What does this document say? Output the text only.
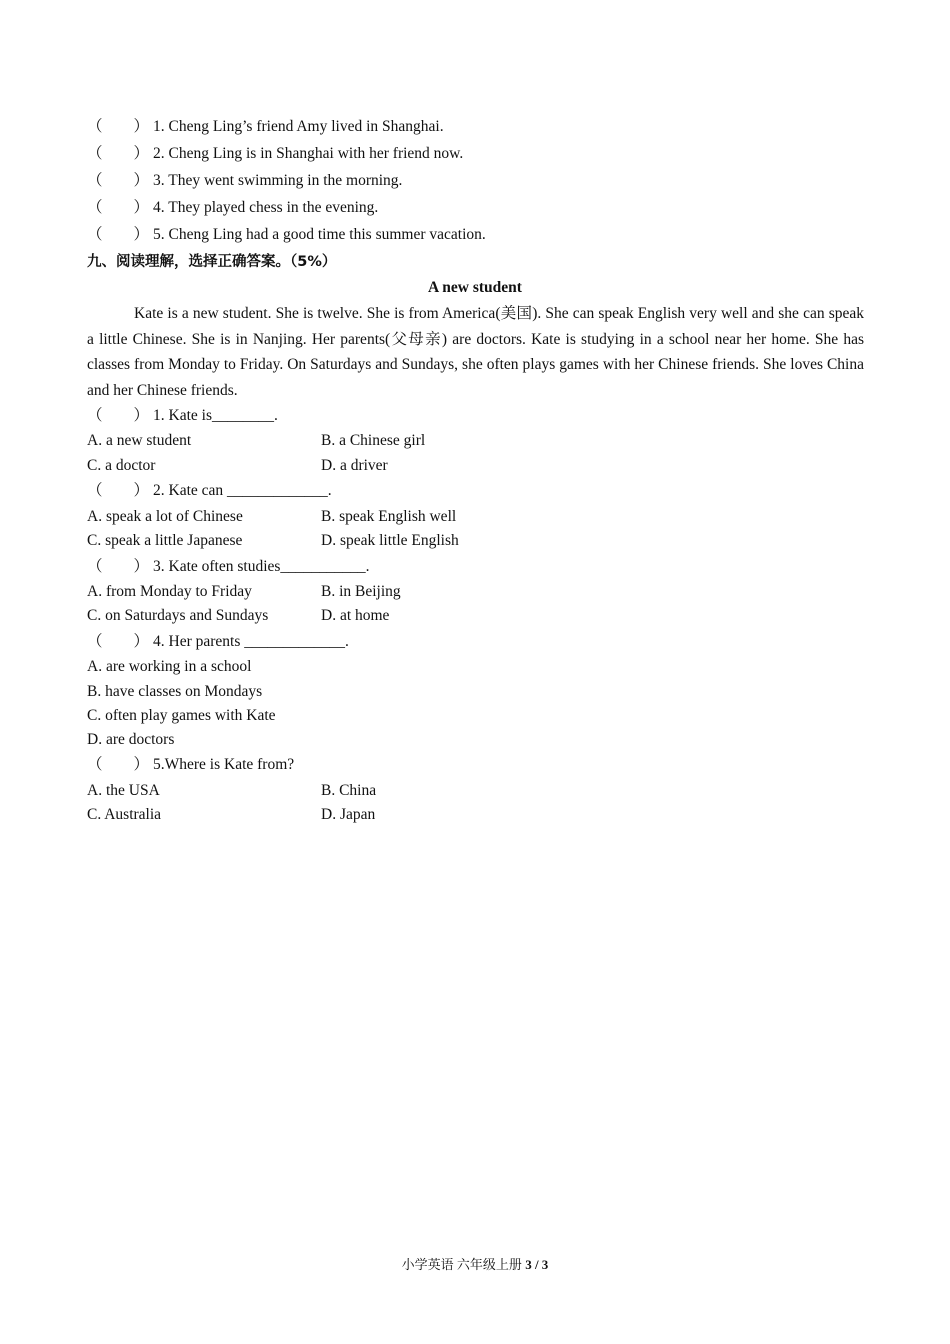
（　　） 1. Cheng Ling’s friend Amy lived in Shanghai.
（　　） 2. Cheng Ling is in Shanghai with her friend now.
（　　） 3. They went swimming in the morning.
（　　） 4. They played chess in the evening.
（　　） 5. Cheng Ling had a good time this summer vacation.
九、阅读理解，选择正确答案。（5%）
A new student
Kate is a new student. She is twelve. She is from America(美国). She can speak English very well and she can speak a little Chinese. She is in Nanjing. Her parents(父母亲) are doctors. Kate is studying in a school near her home. She has classes from Monday to Friday. On Saturdays and Sundays, she often plays games with her Chinese friends. She loves China and her Chinese friends.
（　　） 1. Kate is________.
A. a new student	B. a Chinese girl
C. a doctor	D. a driver
（　　） 2. Kate can _____________.
A. speak a lot of Chinese	B. speak English well
C. speak a little Japanese	D. speak little English
（　　） 3. Kate often studies___________.
A. from Monday to Friday	B. in Beijing
C. on Saturdays and Sundays	D. at home
（　　） 4. Her parents _____________.
A. are working in a school
B. have classes on Mondays
C. often play games with Kate
D. are doctors
（　　） 5.Where is Kate from?
A. the USA	B. China
C. Australia	D. Japan
小学英语 六年级上册 3 / 3
